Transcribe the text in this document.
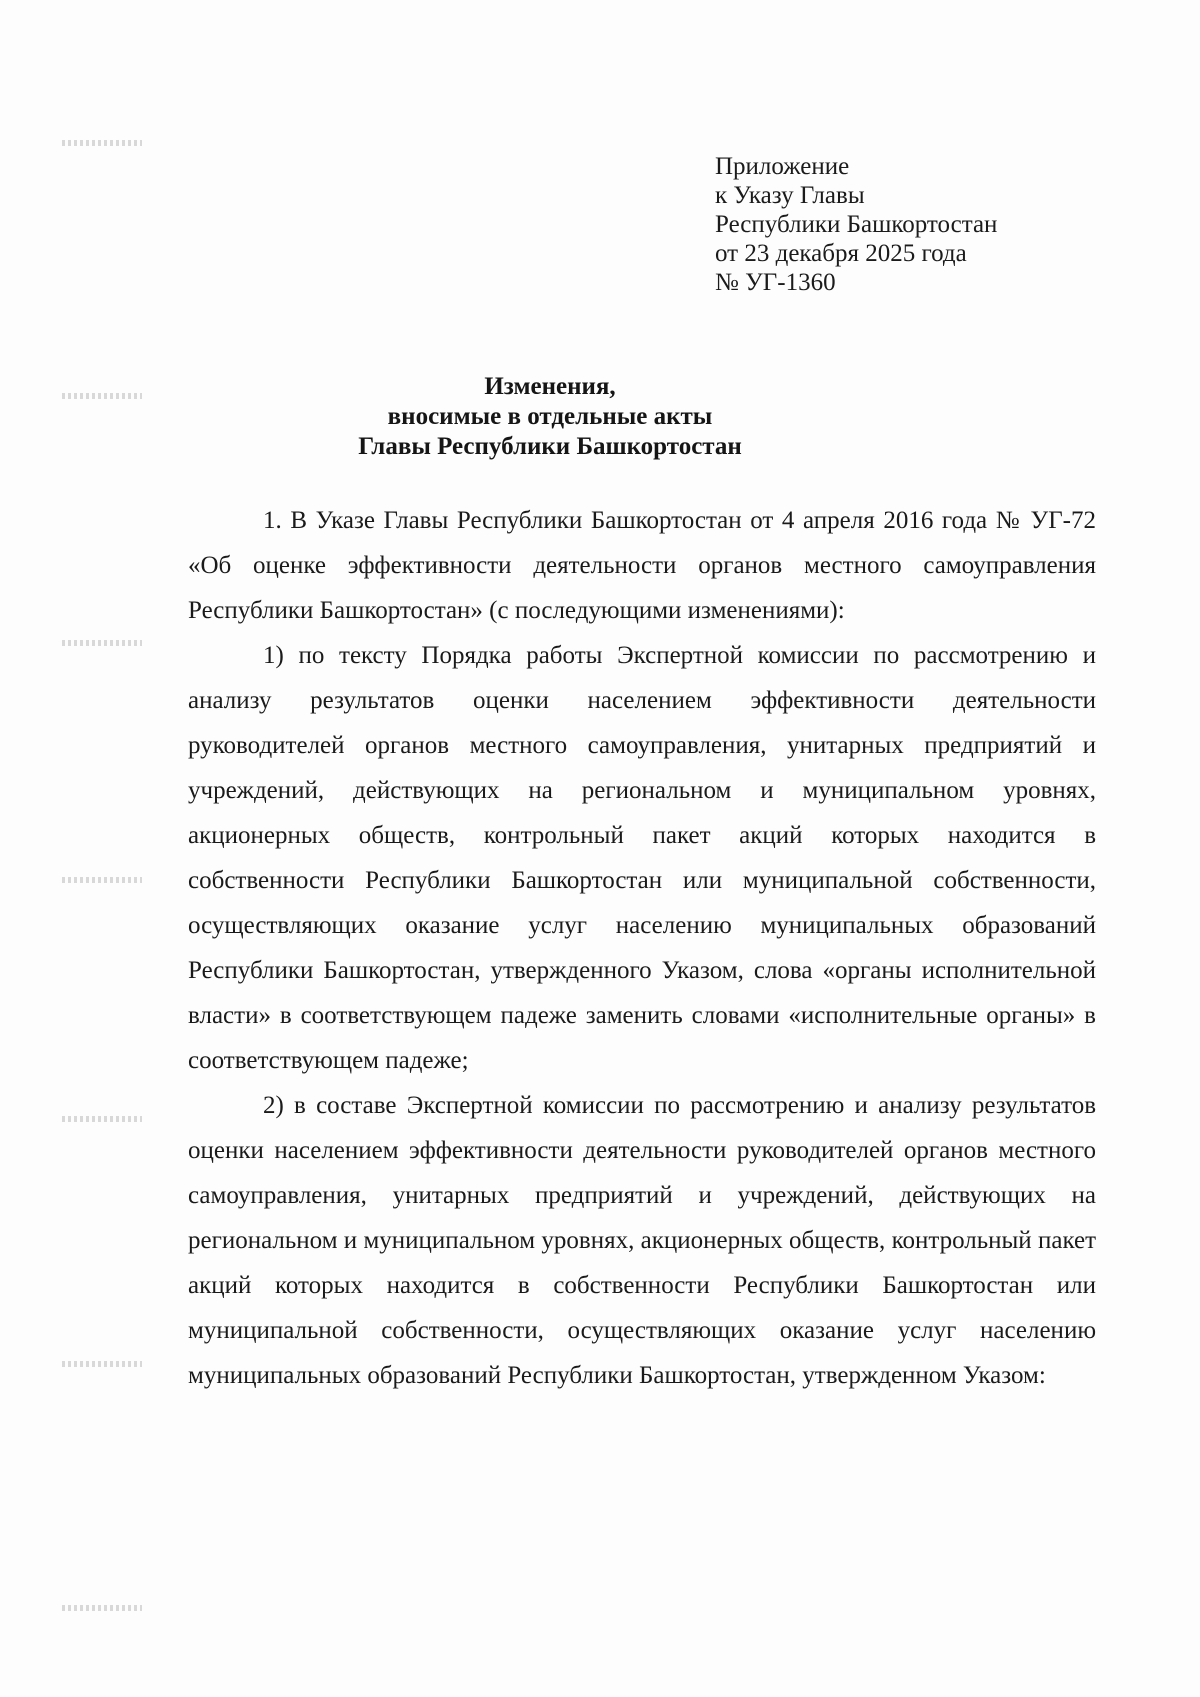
Приложение
к Указу Главы
Республики Башкортостан
от 23 декабря 2025 года
№ УГ-1360
Изменения,
вносимые в отдельные акты
Главы Республики Башкортостан

1. В Указе Главы Республики Башкортостан от 4 апреля 2016 года № УГ-72 «Об оценке эффективности деятельности органов местного самоуправления Республики Башкортостан» (с последующими изменениями):

1) по тексту Порядка работы Экспертной комиссии по рассмотрению и анализу результатов оценки населением эффективности деятельности руководителей органов местного самоуправления, унитарных предприятий и учреждений, действующих на региональном и муниципальном уровнях, акционерных обществ, контрольный пакет акций которых находится в собственности Республики Башкортостан или муниципальной собственности, осуществляющих оказание услуг населению муниципальных образований Республики Башкортостан, утвержденного Указом, слова «органы исполнительной власти» в соответствующем падеже заменить словами «исполнительные органы» в соответствующем падеже;

2) в составе Экспертной комиссии по рассмотрению и анализу результатов оценки населением эффективности деятельности руководителей органов местного самоуправления, унитарных предприятий и учреждений, действующих на региональном и муниципальном уровнях, акционерных обществ, контрольный пакет акций которых находится в собственности Республики Башкортостан или муниципальной собственности, осуществляющих оказание услуг населению муниципальных образований Республики Башкортостан, утвержденном Указом:
